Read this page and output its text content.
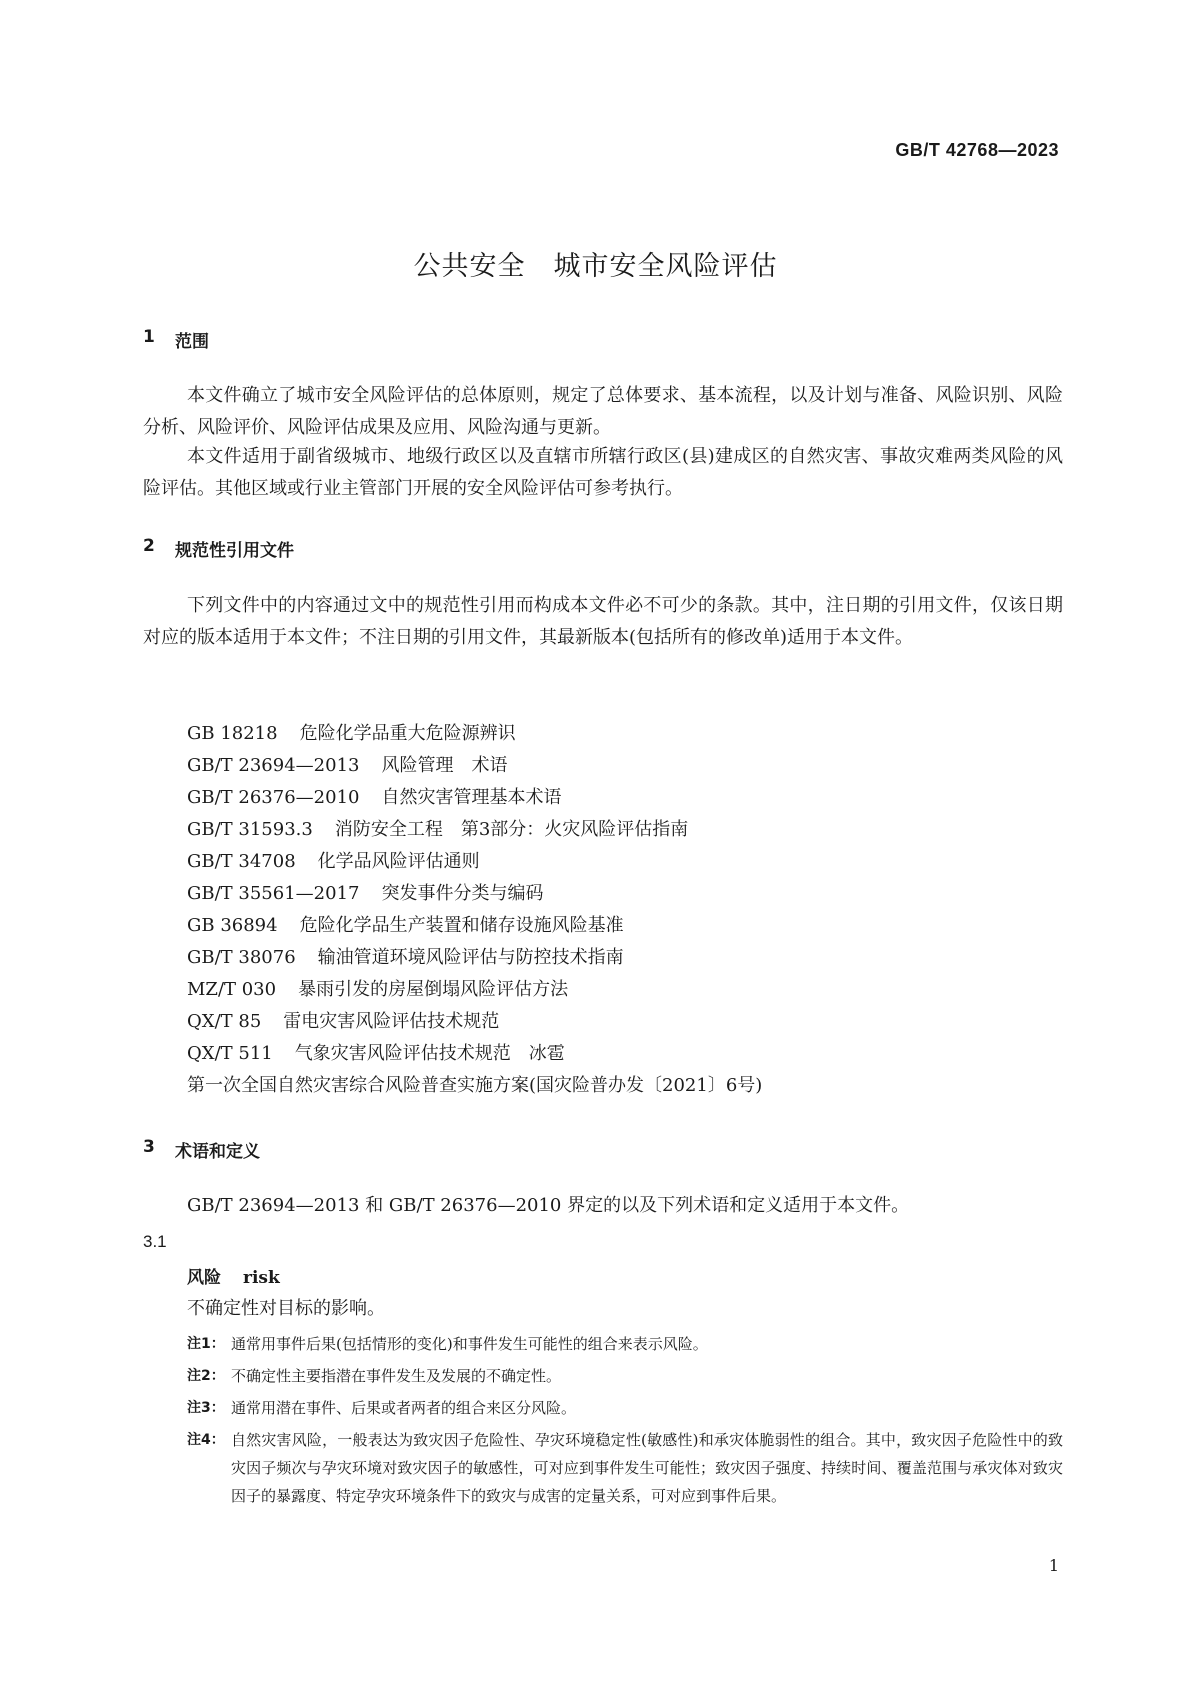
GB/T 42768—2023
公共安全　城市安全风险评估
1	范围

本文件确立了城市安全风险评估的总体原则，规定了总体要求、基本流程，以及计划与准备、风险识别、风险分析、风险评价、风险评估成果及应用、风险沟通与更新。

本文件适用于副省级城市、地级行政区以及直辖市所辖行政区(县)建成区的自然灾害、事故灾难两类风险的风险评估。其他区域或行业主管部门开展的安全风险评估可参考执行。

2	规范性引用文件

下列文件中的内容通过文中的规范性引用而构成本文件必不可少的条款。其中，注日期的引用文件，仅该日期对应的版本适用于本文件；不注日期的引用文件，其最新版本(包括所有的修改单)适用于本文件。

GB 18218 危险化学品重大危险源辨识
GB/T 23694—2013 风险管理　术语
GB/T 26376—2010 自然灾害管理基本术语
GB/T 31593.3 消防安全工程　第3部分：火灾风险评估指南
GB/T 34708 化学品风险评估通则
GB/T 35561—2017 突发事件分类与编码
GB 36894 危险化学品生产装置和储存设施风险基准
GB/T 38076 输油管道环境风险评估与防控技术指南
MZ/T 030 暴雨引发的房屋倒塌风险评估方法
QX/T 85 雷电灾害风险评估技术规范
QX/T 511 气象灾害风险评估技术规范　冰雹
第一次全国自然灾害综合风险普查实施方案(国灾险普办发〔2021〕6号)
3	术语和定义

GB/T 23694—2013 和 GB/T 26376—2010 界定的以及下列术语和定义适用于本文件。

3.1
风险 risk
不确定性对目标的影响。
注1： 通常用事件后果(包括情形的变化)和事件发生可能性的组合来表示风险。
注2： 不确定性主要指潜在事件发生及发展的不确定性。
注3： 通常用潜在事件、后果或者两者的组合来区分风险。
注4： 自然灾害风险，一般表达为致灾因子危险性、孕灾环境稳定性(敏感性)和承灾体脆弱性的组合。其中，致灾因子危险性中的致灾因子频次与孕灾环境对致灾因子的敏感性，可对应到事件发生可能性；致灾因子强度、持续时间、覆盖范围与承灾体对致灾因子的暴露度、特定孕灾环境条件下的致灾与成害的定量关系，可对应到事件后果。
1
